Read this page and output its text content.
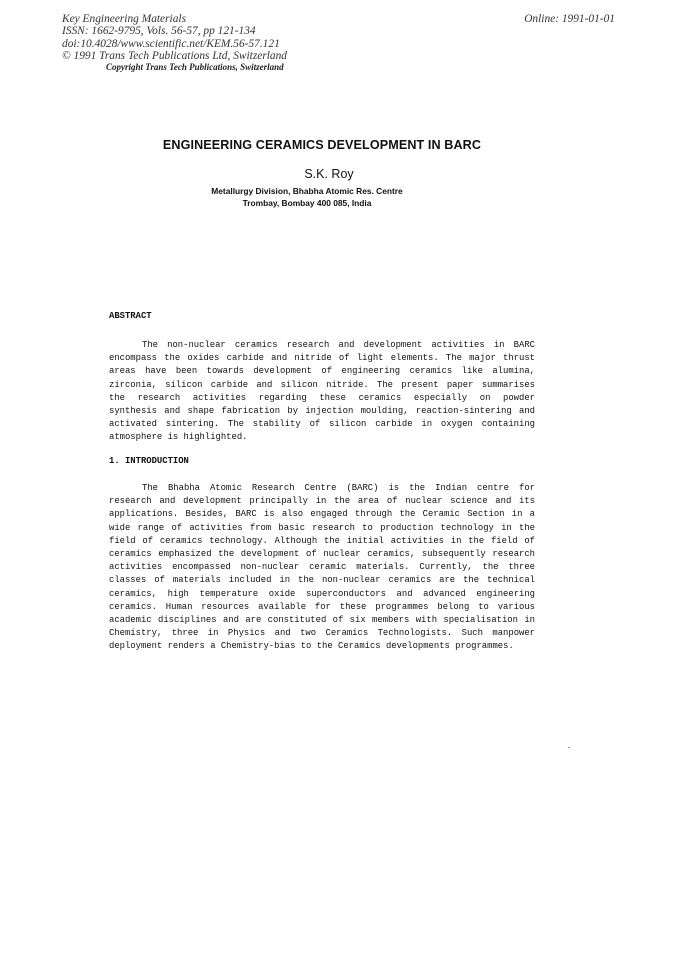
Key Engineering Materials
ISSN: 1662-9795, Vols. 56-57, pp 121-134
doi:10.4028/www.scientific.net/KEM.56-57.121
© 1991 Trans Tech Publications Ltd, Switzerland
Online: 1991-01-01
Copyright Trans Tech Publications, Switzerland
ENGINEERING CERAMICS DEVELOPMENT IN BARC
S.K. Roy
Metallurgy Division, Bhabha Atomic Res. Centre
Trombay, Bombay 400 085, India
ABSTRACT
The non-nuclear ceramics research and development activities in BARC
encompass the oxides carbide and nitride of light elements. The major thrust
areas have been towards development of engineering ceramics like alumina,
zirconia, silicon carbide and silicon nitride. The present paper summarises
the research activities regarding these ceramics especially on powder
synthesis and shape fabrication by injection moulding, reaction-sintering and
activated sintering. The stability of silicon carbide in oxygen containing
atmosphere is highlighted.
1. INTRODUCTION
The Bhabha Atomic Research Centre (BARC) is the Indian centre for
research and development principally in the area of nuclear science and its
applications. Besides, BARC is also engaged through the Ceramic Section in a
wide range of activities from basic research to production technology in the
field of ceramics technology. Although the initial activities in the field of
ceramics emphasized the development of nuclear ceramics, subsequently research
activities encompassed non-nuclear ceramic materials. Currently, the three
classes of materials included in the non-nuclear ceramics are the technical
ceramics, high temperature oxide superconductors and advanced engineering
ceramics. Human resources available for these programmes belong to various
academic disciplines and are constituted of six members with specialisation in
Chemistry, three in Physics and two Ceramics Technologists. Such manpower
deployment renders a Chemistry-bias to the Ceramics developments programmes.
